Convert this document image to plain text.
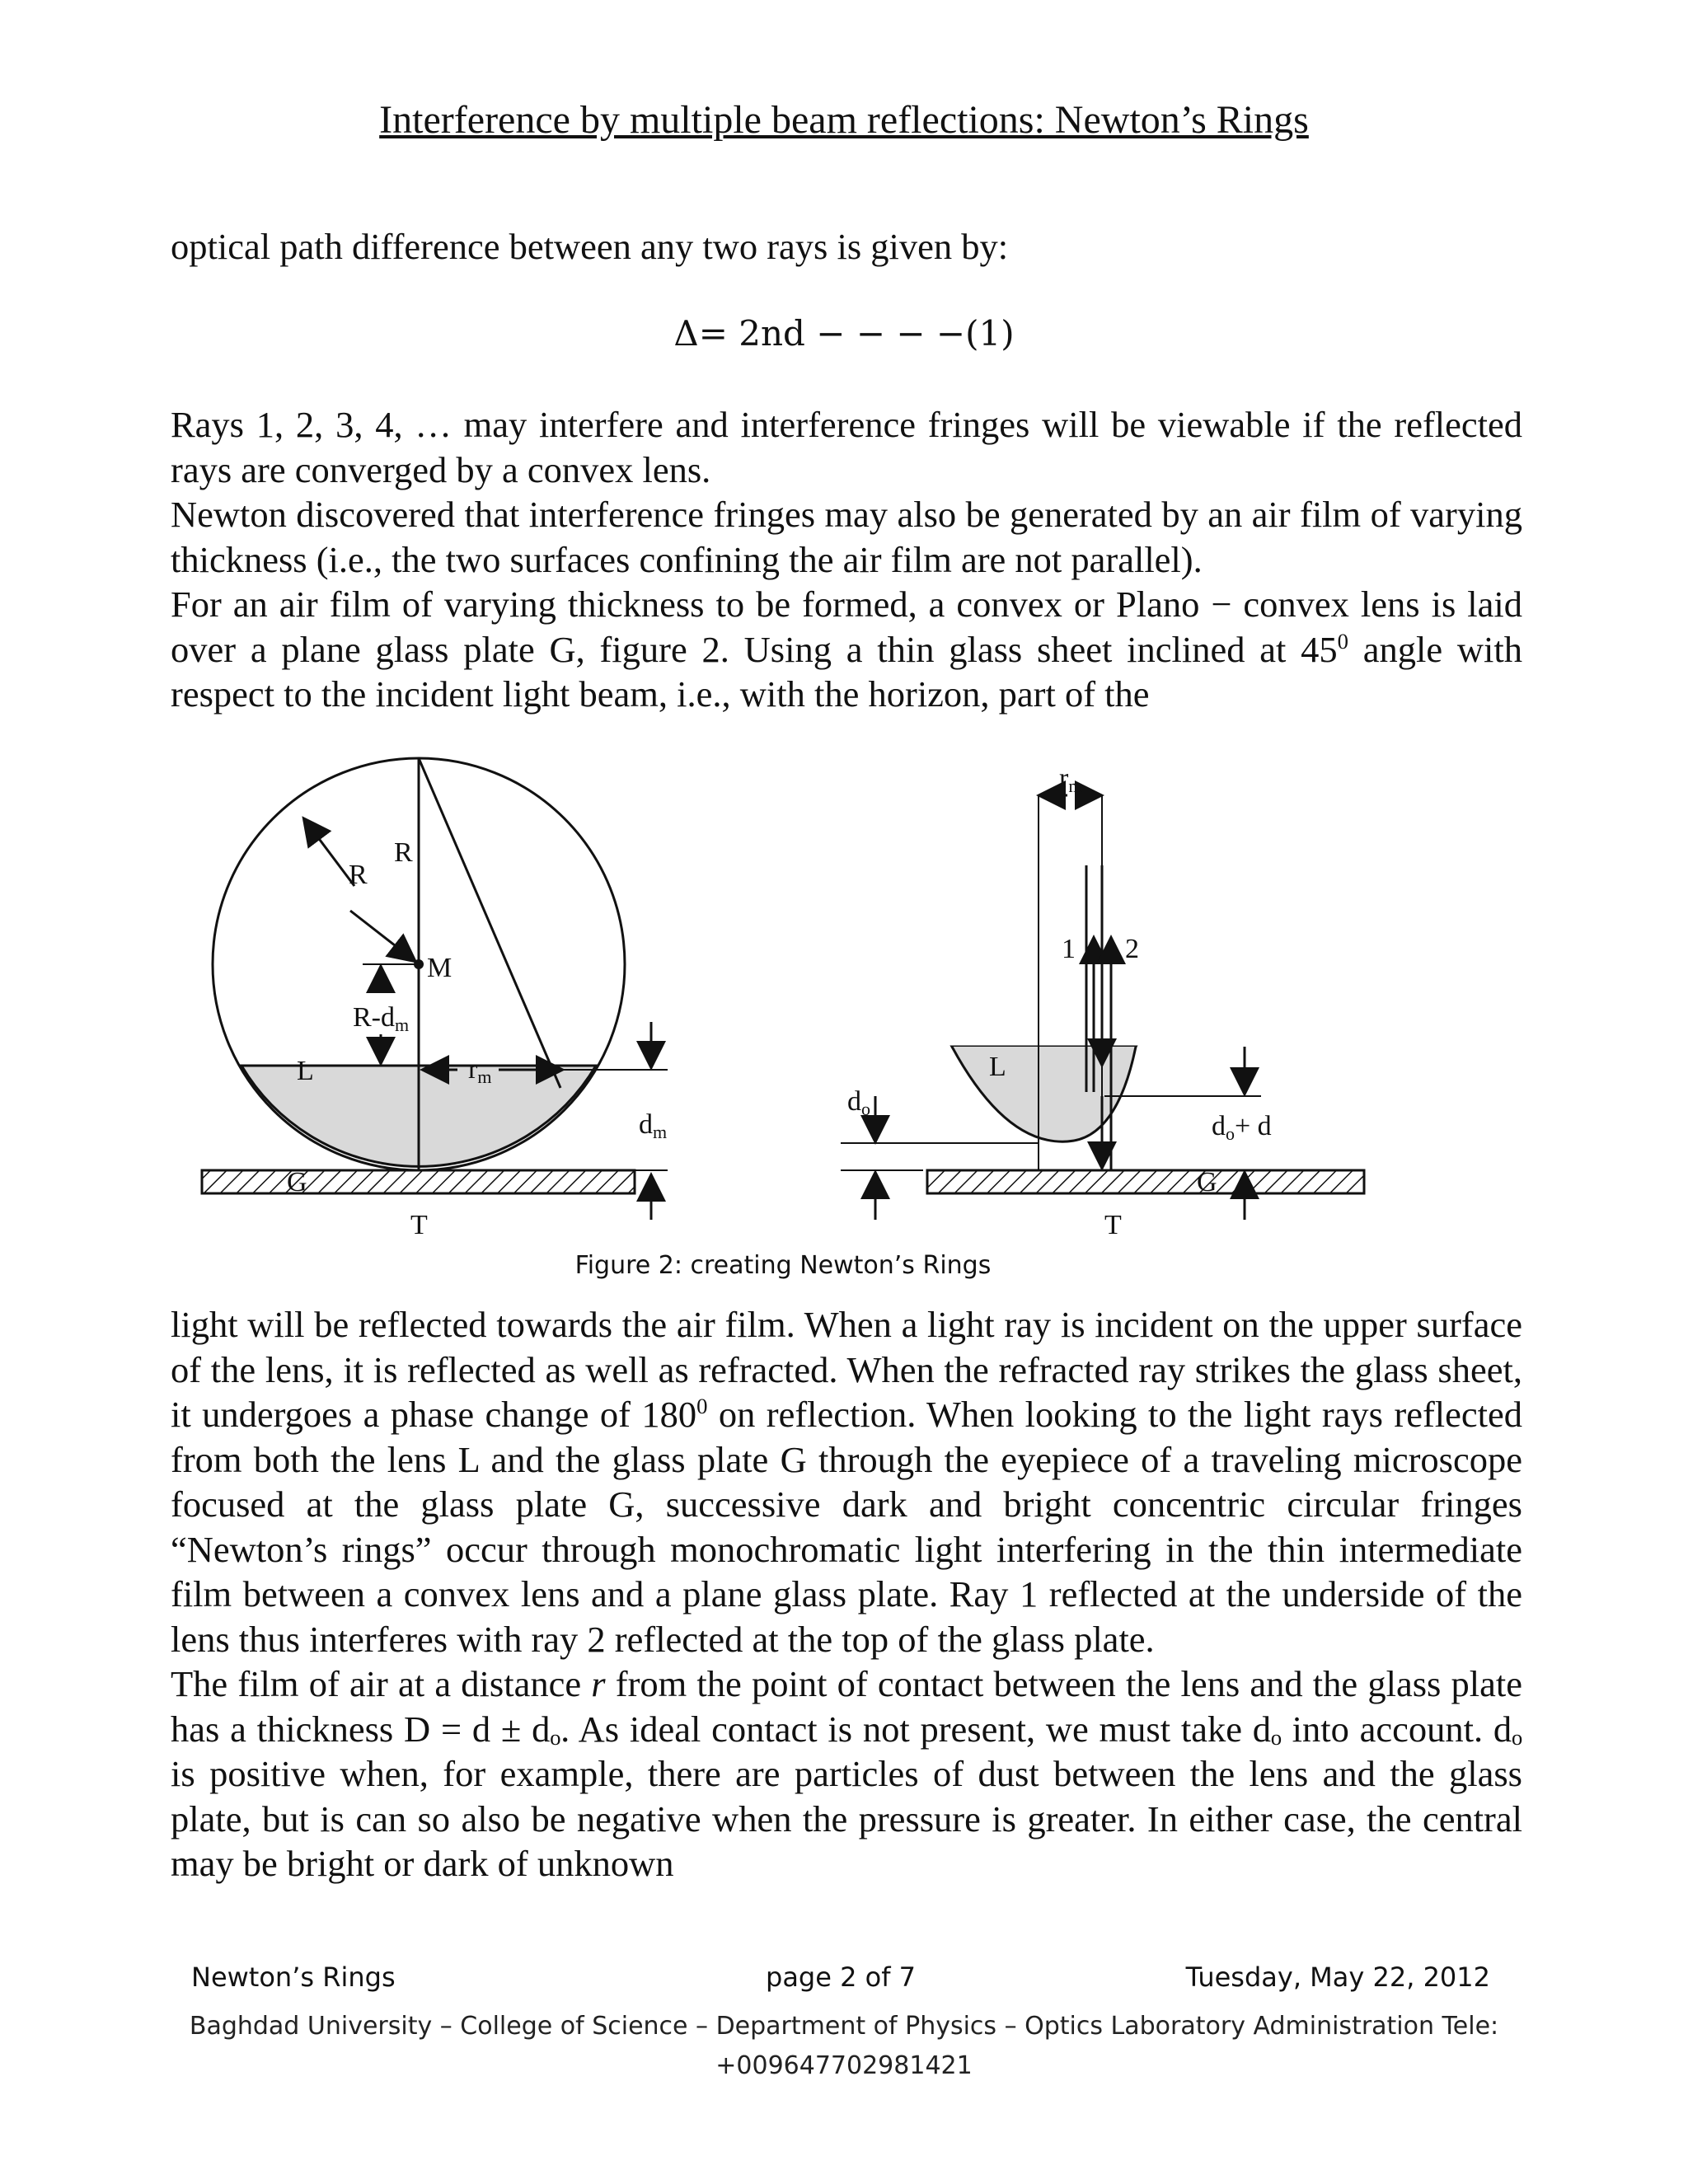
Interference by multiple beam reflections: Newton’s Rings

optical path difference between any two rays is given by:

Δ= 2nd − − − −(1)

Rays 1, 2, 3, 4, … may interfere and interference fringes will be viewable if the reflected rays are converged by a convex lens.

Newton discovered that interference fringes may also be generated by an air film of varying thickness (i.e., the two surfaces confining the air film are not parallel).

For an air film of varying thickness to be formed, a convex or Plano − convex lens is laid over a plane glass plate G, figure 2. Using a thin glass sheet inclined at $45^0$ angle with respect to the incident light beam, i.e., with the horizon, part of the

R
R
M
R-dm
L	rm
dm
G
T
rm
1 2
L
do
do+ d
G
T
Figure 2: creating Newton’s Rings

light will be reflected towards the air film. When a light ray is incident on the upper surface of the lens, it is reflected as well as refracted. When the refracted ray strikes the glass sheet, it undergoes a phase change of $180^0$ on reflection. When looking to the light rays reflected from both the lens L and the glass plate G through the eyepiece of a traveling microscope focused at the glass plate G, successive dark and bright concentric circular fringes “Newton’s rings” occur through monochromatic light interfering in the thin intermediate film between a convex lens and a plane glass plate. Ray 1 reflected at the underside of the lens thus interferes with ray 2 reflected at the top of the glass plate.

The film of air at a distance r from the point of contact between the lens and the glass plate has a thickness D = d ± dₒ. As ideal contact is not present, we must take dₒ into account. dₒ is positive when, for example, there are particles of dust between the lens and the glass plate, but is can so also be negative when the pressure is greater. In either case, the central may be bright or dark of unknown

Newton’s Rings	page 2 of 7	Tuesday, May 22, 2012
Baghdad University – College of Science – Department of Physics – Optics Laboratory Administration Tele:
+009647702981421
